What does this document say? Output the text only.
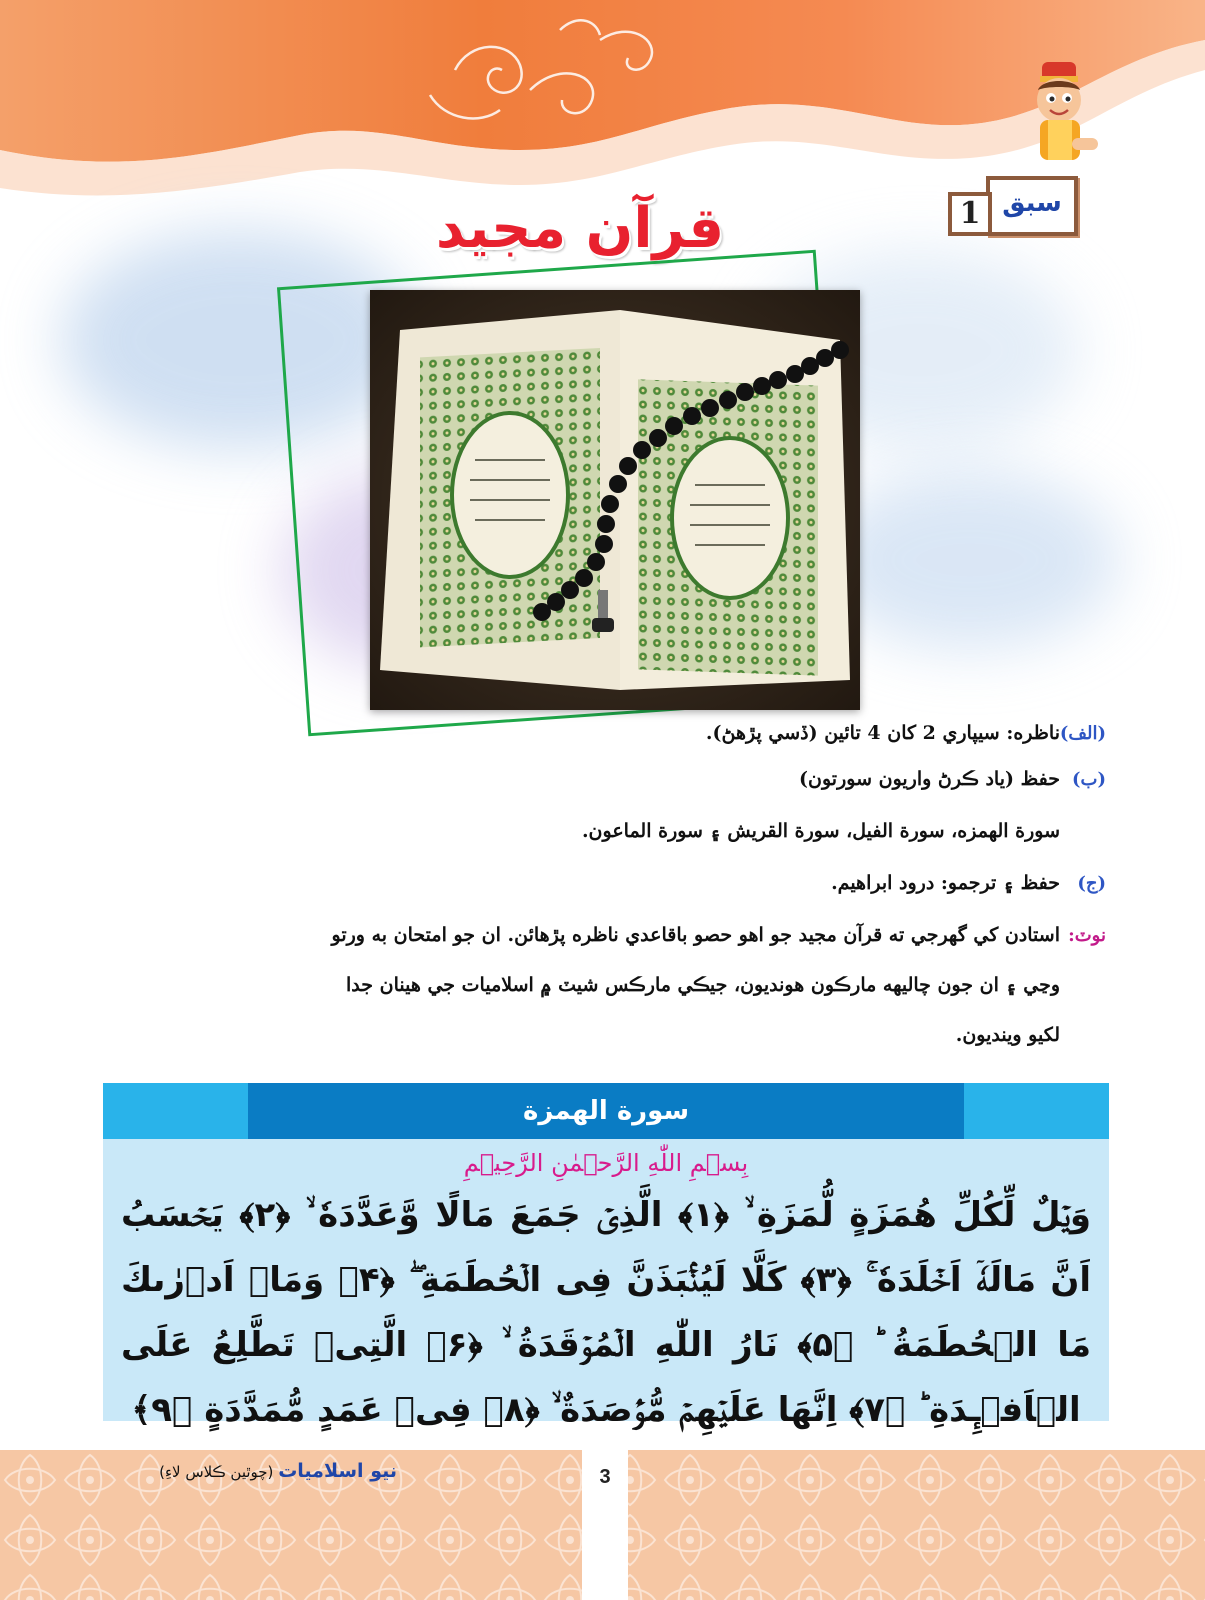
سبق
1
قرآن مجيد
(الف)
ناظره: سيپاري 2 کان 4 تائين (ڏسي پڙهڻ).
(ب)
حفظ (ياد ڪرڻ واريون سورتون)
سورة الهمزه، سورة الفيل، سورة القريش ۽ سورة الماعون.
(ج)
حفظ ۽ ترجمو: درود ابراهيم.
نوٽ:
استادن کي گهرجي ته قرآن مجيد جو اهو حصو باقاعدي ناظره پڙهائن. ان جو امتحان به ورتو
وڃي ۽ ان جون چاليهه مارڪون هونديون، جيڪي مارڪس شيٽ ۾ اسلاميات جي هينان جدا
لکيو وينديون.
سورة الهمزة
بِسۡمِ اللّٰهِ الرَّحۡمٰنِ الرَّحِيۡمِ
وَيۡلٌ لِّكُلِّ هُمَزَةٍ لُّمَزَةِ ۙ ﴿۱﴾ الَّذِىۡ جَمَعَ مَالًا وَّعَدَّدَهٗ ۙ ﴿۲﴾ يَحۡسَبُ اَنَّ مَالَهٗۤ اَخۡلَدَهٗ ۚ ﴿۳﴾ كَلَّا لَيُنۡۢبَذَنَّ فِى الۡحُطَمَةِ ۖ ﴿۴﴾ وَمَاۤ اَدۡرٰٮكَ مَا الۡحُطَمَةُ ؕ ﴿۵﴾ نَارُ اللّٰهِ الۡمُوۡقَدَةُ ۙ ﴿۶﴾ الَّتِىۡ تَطَّلِعُ عَلَى الۡاَفۡـِٕدَةِ ؕ ﴿۷﴾ اِنَّهَا عَلَيۡهِمۡ مُّؤۡصَدَةٌ ۙ ﴿۸﴾ فِىۡ عَمَدٍ مُّمَدَّدَةٍ ﴿۹﴾
3
نيو اسلاميات (چوٿين ڪلاس لاءِ)
